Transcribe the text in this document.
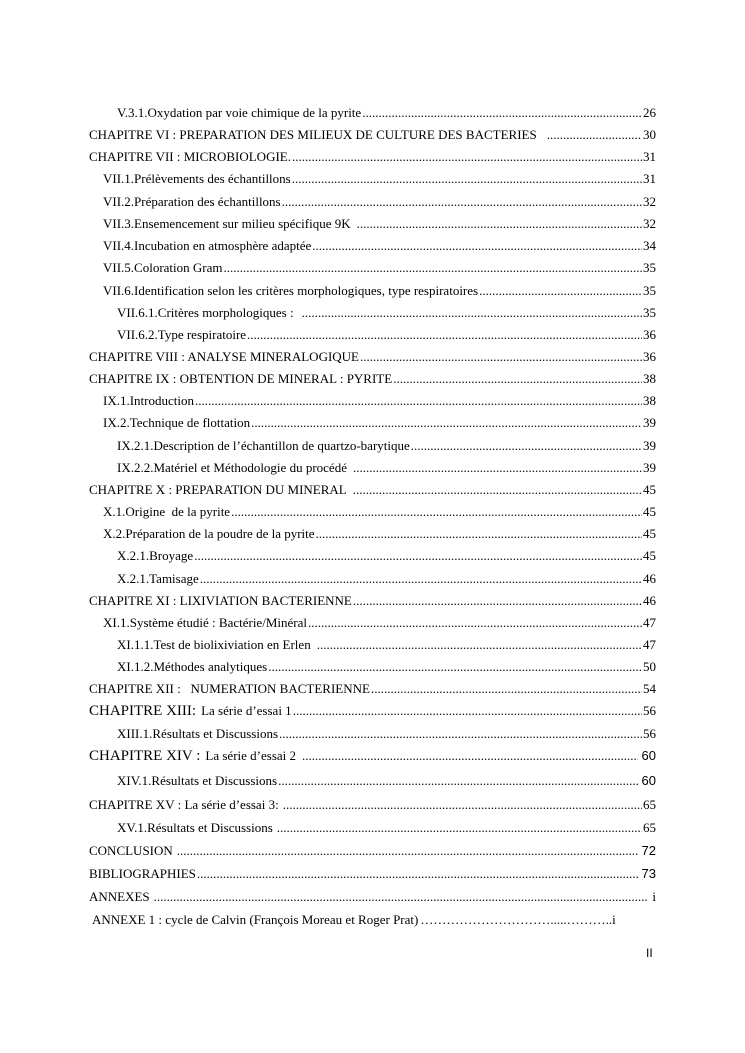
V.3.1. Oxydation par voie chimique de la pyrite .....	26
CHAPITRE VI : PREPARATION DES MILIEUX DE CULTURE DES BACTERIES .....	30
CHAPITRE VII : MICROBIOLOGIE. .....	31
VII.1. Prélèvements des échantillons .....	31
VII.2. Préparation des échantillons .....	32
VII.3. Ensemencement sur milieu spécifique 9K .....	32
VII.4. Incubation en atmosphère adaptée .....	34
VII.5. Coloration Gram .....	35
VII.6. Identification selon les critères morphologiques, type respiratoires .....	35
VII.6.1. Critères morphologiques : .....	35
VII.6.2. Type respiratoire .....	36
CHAPITRE VIII : ANALYSE MINERALOGIQUE .....	36
CHAPITRE IX : OBTENTION DE MINERAL : PYRITE .....	38
IX.1. Introduction .....	38
IX.2. Technique de flottation .....	39
IX.2.1. Description de l’échantillon de quartzo-barytique .....	39
IX.2.2. Matériel et Méthodologie du procédé .....	39
CHAPITRE X : PREPARATION DU MINERAL .....	45
X.1. Origine  de la pyrite .....	45
X.2. Préparation de la poudre de la pyrite .....	45
X.2.1. Broyage .....	45
X.2.1. Tamisage .....	46
CHAPITRE XI : LIXIVIATION BACTERIENNE .....	46
XI.1. Système étudié : Bactérie/Minéral .....	47
XI.1.1. Test de biolixiviation en Erlen .....	47
XI.1.2. Méthodes analytiques .....	50
CHAPITRE XII :   NUMERATION BACTERIENNE .....	54
CHAPITRE XIII: La série d’essai 1 .....	56
XIII.1.Résultats et Discussions .....	56
CHAPITRE XIV : La série d’essai 2 .....	60
XIV.1.Résultats et Discussions .....	60
CHAPITRE XV : La série d’essai 3: .....	65
XV.1.Résultats et Discussions .....	65
CONCLUSION .....	72
BIBLIOGRAPHIES .....	73
ANNEXES .....	i
ANNEXE 1 : cycle de Calvin (François Moreau et Roger Prat) ………………………….....……….. i
II
